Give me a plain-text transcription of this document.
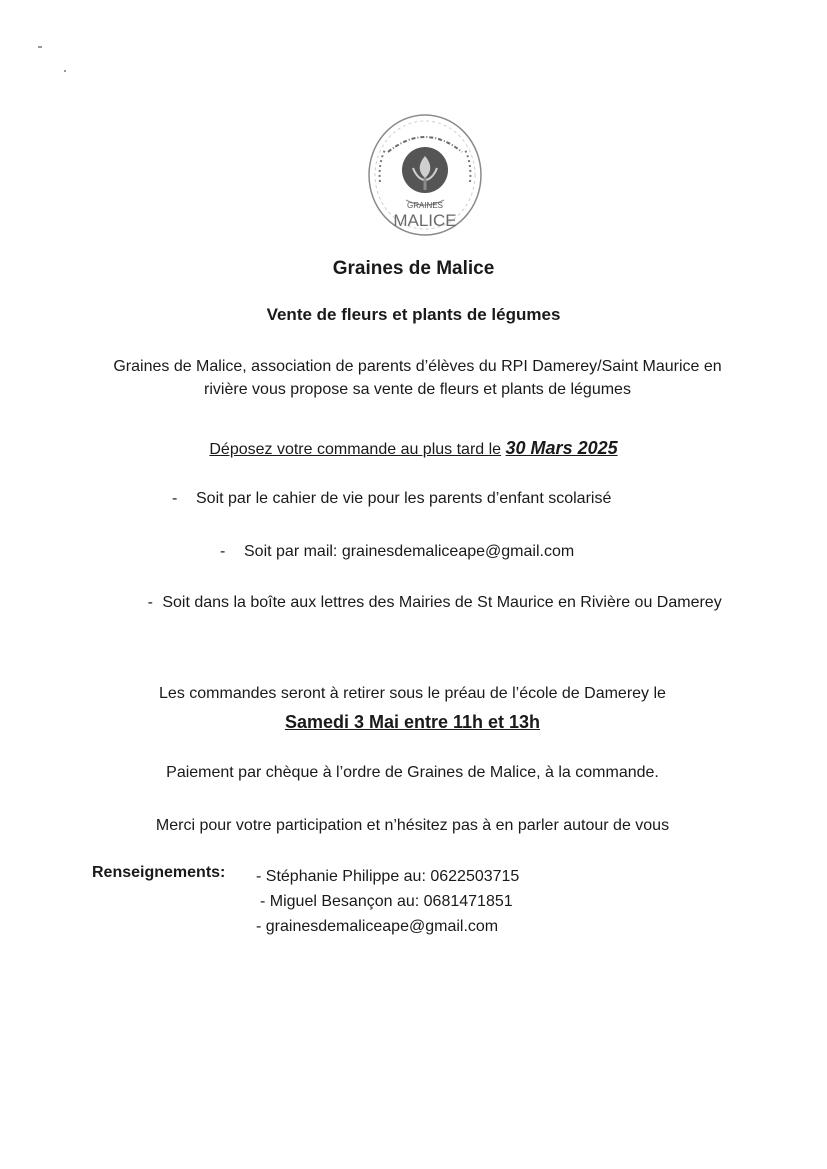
GRAINES
MALICE
Graines de Malice
Vente de fleurs et plants de légumes
Graines de Malice, association de parents d’élèves du RPI Damerey/Saint Maurice en rivière vous propose sa vente de fleurs et plants de légumes
Déposez votre commande au plus tard le 30 Mars 2025
- Soit par le cahier de vie pour les parents d’enfant scolarisé
- Soit par mail: grainesdemaliceape@gmail.com
- Soit dans la boîte aux lettres des Mairies de St Maurice en Rivière ou Damerey
Les commandes seront à retirer sous le préau de l’école de Damerey le
Samedi 3 Mai entre 11h et 13h
Paiement par chèque à l’ordre de Graines de Malice, à la commande.
Merci pour votre participation et n’hésitez pas à en parler autour de vous
Renseignements: - Stéphanie Philippe au: 0622503715
- Miguel Besançon au: 0681471851
- grainesdemaliceape@gmail.com
